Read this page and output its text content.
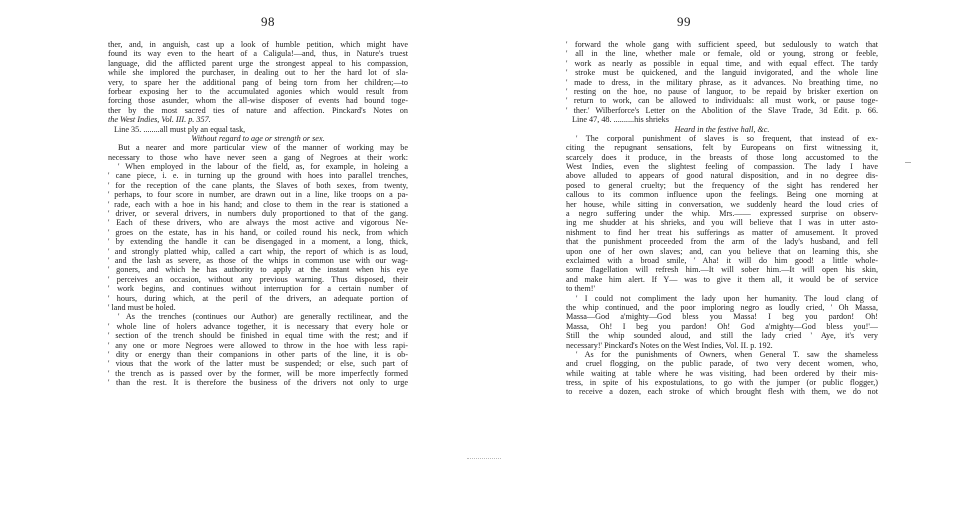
98
ther, and, in anguish, cast up a look of humble petition, which might have
found its way even to the heart of a Caligula!—and, thus, in Nature's truest
language, did the afflicted parent urge the strongest appeal to his compassion,
while she implored the purchaser, in dealing out to her the hard lot of sla-
very, to spare her the additional pang of being torn from her children;—to
forbear exposing her to the accumulated agonies which would result from
forcing those asunder, whom the all-wise disposer of events had bound toge-
ther by the most sacred ties of nature and affection. Pinckard's Notes on
the West Indies, Vol. III. p. 357.
Line 35. ........all must ply an equal task,
Without regard to age or strength or sex.
But a nearer and more particular view of the manner of working may be
necessary to those who have never seen a gang of Negroes at their work:
' When employed in the labour of the field, as, for example, in holeing a
' cane piece, i. e. in turning up the ground with hoes into parallel trenches,
' for the reception of the cane plants, the Slaves of both sexes, from twenty,
' perhaps, to four score in number, are drawn out in a line, like troops on a pa-
' rade, each with a hoe in his hand; and close to them in the rear is stationed a
' driver, or several drivers, in numbers duly proportioned to that of the gang.
' Each of these drivers, who are always the most active and vigorous Ne-
' groes on the estate, has in his hand, or coiled round his neck, from which
' by extending the handle it can be disengaged in a moment, a long, thick,
' and strongly platted whip, called a cart whip, the report of which is as loud,
' and the lash as severe, as those of the whips in common use with our wag-
' goners, and which he has authority to apply at the instant when his eye
' perceives an occasion, without any previous warning. Thus disposed, their
' work begins, and continues without interruption for a certain number of
' hours, during which, at the peril of the drivers, an adequate portion of
' land must be holed.
' As the trenches (continues our Author) are generally rectilinear, and the
' whole line of holers advance together, it is necessary that every hole or
' section of the trench should be finished in equal time with the rest; and if
' any one or more Negroes were allowed to throw in the hoe with less rapi-
' dity or energy than their companions in other parts of the line, it is ob-
' vious that the work of the latter must be suspended; or else, such part of
' the trench as is passed over by the former, will be more imperfectly formed
' than the rest. It is therefore the business of the drivers not only to urge
99
' forward the whole gang with sufficient speed, but sedulously to watch that
' all in the line, whether male or female, old or young, strong or feeble,
' work as nearly as possible in equal time, and with equal effect. The tardy
' stroke must be quickened, and the languid invigorated, and the whole line
' made to dress, in the military phrase, as it advances. No breathing time, no
' resting on the hoe, no pause of languor, to be repaid by brisker exertion on
' return to work, can be allowed to individuals: all must work, or pause toge-
' ther.' Wilberforce's Letter on the Abolition of the Slave Trade, 3d Edit. p. 66.
Line 47, 48. ..........his shrieks
Heard in the festive hall, &c.
' The corporal punishment of slaves is so frequent, that instead of ex-
citing the repugnant sensations, felt by Europeans on first witnessing it,
scarcely does it produce, in the breasts of those long accustomed to the
West Indies, even the slightest feeling of compassion. The lady I have
above alluded to appears of good natural disposition, and in no degree dis-
posed to general cruelty; but the frequency of the sight has rendered her
callous to its common influence upon the feelings. Being one morning at
her house, while sitting in conversation, we suddenly heard the loud cries of
a negro suffering under the whip. Mrs.—— expressed surprise on observ-
ing me shudder at his shrieks, and you will believe that I was in utter asto-
nishment to find her treat his sufferings as matter of amusement. It proved
that the punishment proceeded from the arm of the lady's husband, and fell
upon one of her own slaves; and, can you believe that on learning this, she
exclaimed with a broad smile, ' Aha! it will do him good! a little whole-
some flagellation will refresh him.—It will sober him.—It will open his skin,
and make him alert. If Y— was to give it them all, it would be of service
to them!'
' I could not compliment the lady upon her humanity. The loud clang of
the whip continued, and the poor imploring negro as loudly cried, ' Oh Massa,
Massa—God a'mighty—God bless you Massa! I beg you pardon! Oh!
Massa, Oh! I beg you pardon! Oh! God a'mighty—God bless you!'—
Still the whip sounded aloud, and still the lady cried ' Aye, it's very
necessary!' Pinckard's Notes on the West Indies, Vol. II. p. 192.
' As for the punishments of Owners, when General T. saw the shameless
and cruel flogging, on the public parade, of two very decent women, who,
while waiting at table where he was visiting, had been ordered by their mis-
tress, in spite of his expostulations, to go with the jumper (or public flogger,)
to receive a dozen, each stroke of which brought flesh with them, we do not
